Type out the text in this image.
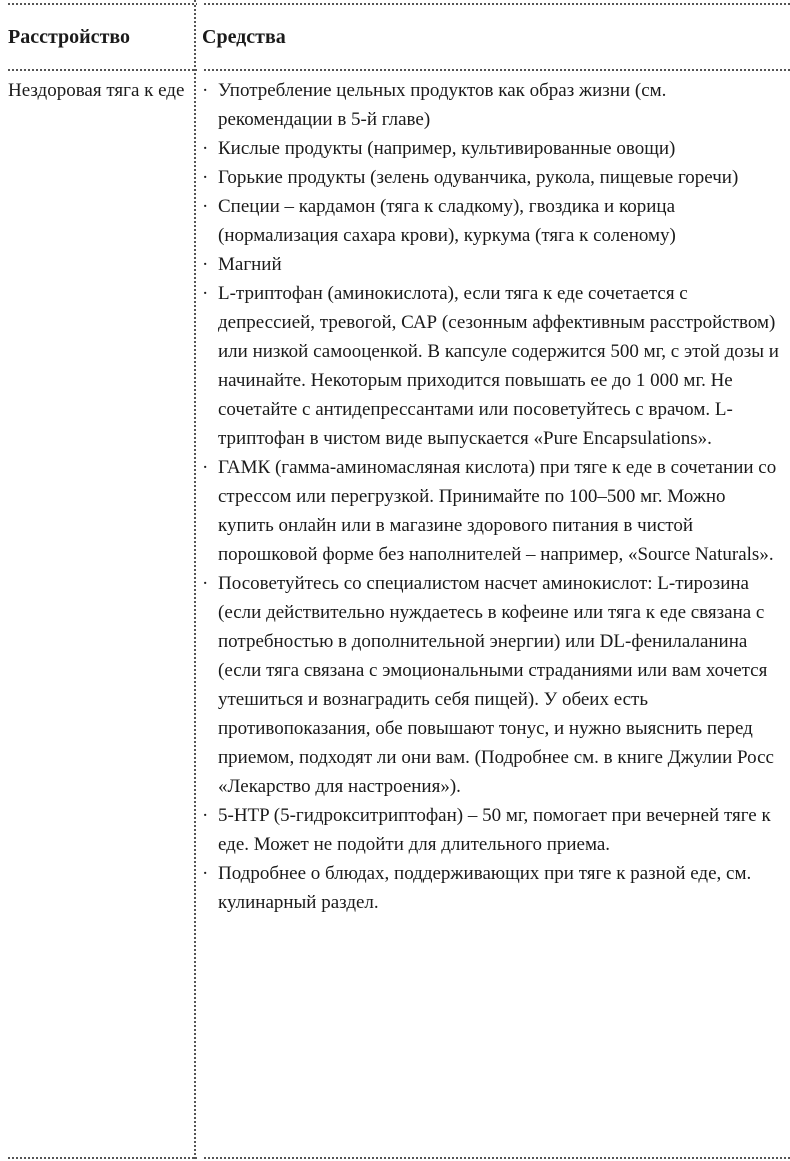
Расстройство	Средства
Нездоровая тяга к еде · Употребление цельных продуктов как образ жизни (см. рекомендации в 5-й главе)
· Кислые продукты (например, культивированные овощи)
· Горькие продукты (зелень одуванчика, рукола, пищевые горечи)
· Специи – кардамон (тяга к сладкому), гвоздика и корица (нормализация сахара крови), куркума (тяга к соленому)
· Магний
· L-триптофан (аминокислота), если тяга к еде сочетается с депрессией, тревогой, САР (сезонным аффективным расстройством) или низкой самооценкой. В капсуле содержится 500 мг, с этой дозы и начинайте. Некоторым приходится повышать ее до 1 000 мг. Не сочетайте с антидепрессантами или посоветуйтесь с врачом. L-триптофан в чистом виде выпускается «Pure Encapsulations».
· ГАМК (гамма-аминомасляная кислота) при тяге к еде в сочетании со стрессом или перегрузкой. Принимайте по 100–500 мг. Можно купить онлайн или в магазине здорового питания в чистой порошковой форме без наполнителей – например, «Source Naturals».
· Посоветуйтесь со специалистом насчет аминокислот: L-тирозина (если действительно нуждаетесь в кофеине или тяга к еде связана с потребностью в дополнительной энергии) или DL-фенилаланина (если тяга связана с эмоциональными страданиями или вам хочется утешиться и вознаградить себя пищей). У обеих есть противопоказания, обе повышают тонус, и нужно выяснить перед приемом, подходят ли они вам. (Подробнее см. в книге Джулии Росс «Лекарство для настроения»).
· 5-HTP (5-гидрокситриптофан) – 50 мг, помогает при вечерней тяге к еде. Может не подойти для длительного приема.
· Подробнее о блюдах, поддерживающих при тяге к разной еде, см. кулинарный раздел.
